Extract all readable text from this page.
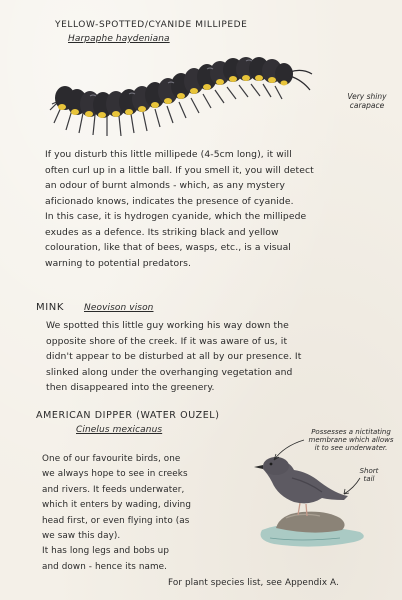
YELLOW-SPOTTED/CYANIDE MILLIPEDE
Harpaphe haydeniana
Very shiny carapace
If you disturb this little millipede (4-5cm long), it will
often curl up in a little ball. If you smell it, you will detect
an odour of burnt almonds - which, as any mystery
aficionado knows, indicates the presence of cyanide.
In this case, it is hydrogen cyanide, which the millipede
exudes as a defence. Its striking black and yellow
colouration, like that of bees, wasps, etc., is a visual
warning to potential predators.
MINK Neovison vison
We spotted this little guy working his way down the
opposite shore of the creek. If it was aware of us, it
didn't appear to be disturbed at all by our presence. It
slinked along under the overhanging vegetation and
then disappeared into the greenery.
AMERICAN DIPPER (WATER OUZEL)
Cinelus mexicanus
One of our favourite birds, one
we always hope to see in creeks
and rivers. It feeds underwater,
which it enters by wading, diving
head first, or even flying into (as
we saw this day).
It has long legs and bobs up
and down - hence its name.
Possesses a nictitating membrane which allows it to see underwater.
Short tail
For plant species list, see Appendix A.
